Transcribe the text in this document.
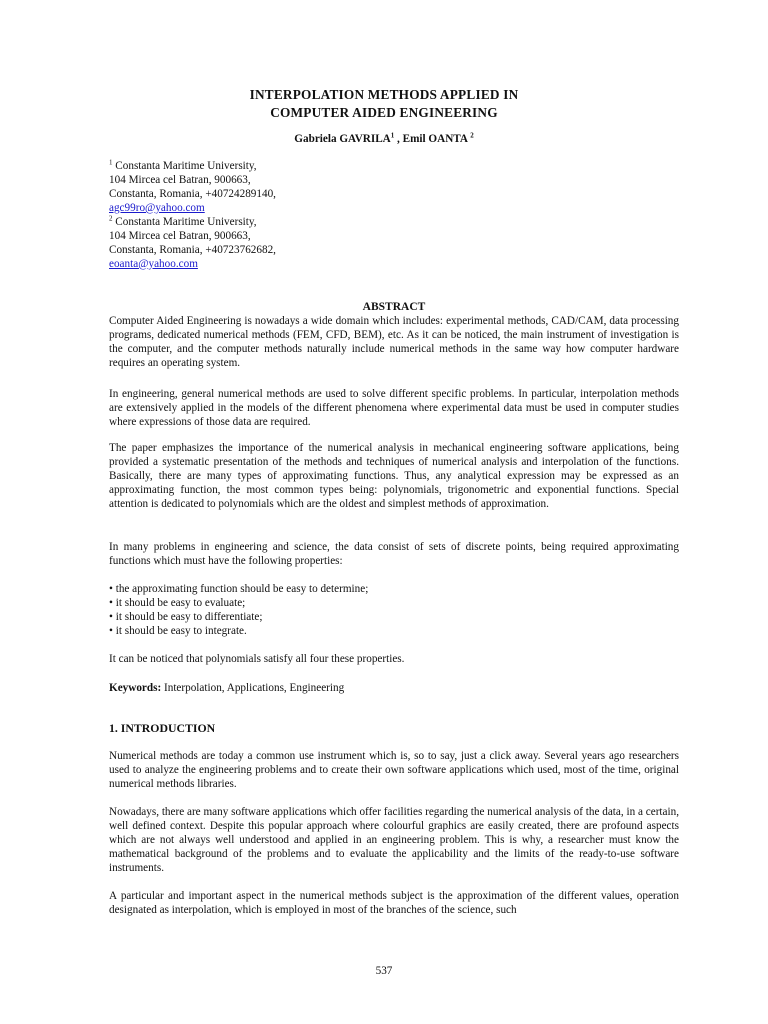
INTERPOLATION METHODS APPLIED IN
COMPUTER AIDED ENGINEERING
Gabriela GAVRILA$^1$ , Emil OANTA $^2$
$^1$ Constanta Maritime University,
104 Mircea cel Batran, 900663,
Constanta, Romania, +40724289140,
agc99ro@yahoo.com
$^2$ Constanta Maritime University,
104 Mircea cel Batran, 900663,
Constanta, Romania, +40723762682,
eoanta@yahoo.com
ABSTRACT
Computer Aided Engineering is nowadays a wide domain which includes: experimental methods, CAD/CAM, data processing programs, dedicated numerical methods (FEM, CFD, BEM), etc. As it can be noticed, the main instrument of investigation is the computer, and the computer methods naturally include numerical methods in the same way how computer hardware requires an operating system.
In engineering, general numerical methods are used to solve different specific problems. In particular, interpolation methods are extensively applied in the models of the different phenomena where experimental data must be used in computer studies where expressions of those data are required.
The paper emphasizes the importance of the numerical analysis in mechanical engineering software applications, being provided a systematic presentation of the methods and techniques of numerical analysis and interpolation of the functions. Basically, there are many types of approximating functions. Thus, any analytical expression may be expressed as an approximating function, the most common types being: polynomials, trigonometric and exponential functions. Special attention is dedicated to polynomials which are the oldest and simplest methods of approximation.
In many problems in engineering and science, the data consist of sets of discrete points, being required approximating functions which must have the following properties:
• the approximating function should be easy to determine;
• it should be easy to evaluate;
• it should be easy to differentiate;
• it should be easy to integrate.
It can be noticed that polynomials satisfy all four these properties.
Keywords: Interpolation, Applications, Engineering
1. INTRODUCTION
Numerical methods are today a common use instrument which is, so to say, just a click away. Several years ago researchers used to analyze the engineering problems and to create their own software applications which used, most of the time, original numerical methods libraries.
Nowadays, there are many software applications which offer facilities regarding the numerical analysis of the data, in a certain, well defined context. Despite this popular approach where colourful graphics are easily created, there are profound aspects which are not always well understood and applied in an engineering problem. This is why, a researcher must know the mathematical background of the problems and to evaluate the applicability and the limits of the ready-to-use software instruments.
A particular and important aspect in the numerical methods subject is the approximation of the different values, operation designated as interpolation, which is employed in most of the branches of the science, such
537
